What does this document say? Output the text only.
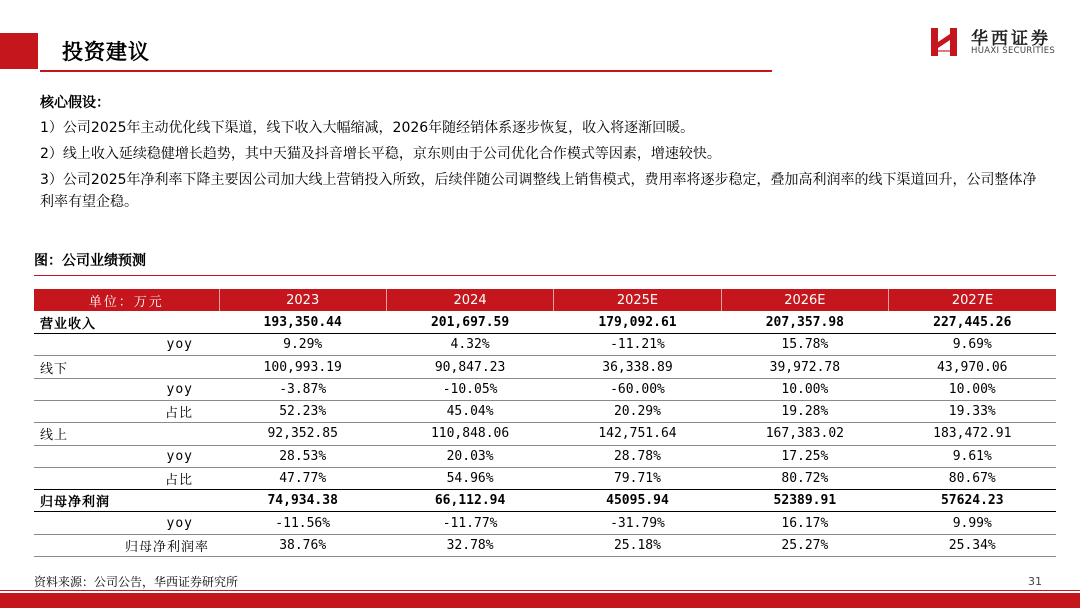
投资建议
华西证券
HUAXI SECURITIES
核心假设：

1）公司2025年主动优化线下渠道，线下收入大幅缩减，2026年随经销体系逐步恢复，收入将逐渐回暖。

2）线上收入延续稳健增长趋势，其中天猫及抖音增长平稳，京东则由于公司优化合作模式等因素，增速较快。

3）公司2025年净利率下降主要因公司加大线上营销投入所致，后续伴随公司调整线上销售模式，费用率将逐步稳定，叠加高利润率的线下渠道回升，公司整体净利率有望企稳。

图：公司业绩预测
单位：万元	2023	2024	2025E	2026E	2027E
营业收入	193,350.44	201,697.59	179,092.61	207,357.98	227,445.26
yoy	9.29%	4.32%	-11.21%	15.78%	9.69%
线下	100,993.19	90,847.23	36,338.89	39,972.78	43,970.06
yoy	-3.87%	-10.05%	-60.00%	10.00%	10.00%
占比	52.23%	45.04%	20.29%	19.28%	19.33%
线上	92,352.85	110,848.06	142,751.64	167,383.02	183,472.91
yoy	28.53%	20.03%	28.78%	17.25%	9.61%
占比	47.77%	54.96%	79.71%	80.72%	80.67%
归母净利润	74,934.38	66,112.94	45095.94	52389.91	57624.23
yoy	-11.56%	-11.77%	-31.79%	16.17%	9.99%
归母净利润率	38.76%	32.78%	25.18%	25.27%	25.34%
资料来源：公司公告，华西证券研究所	31
